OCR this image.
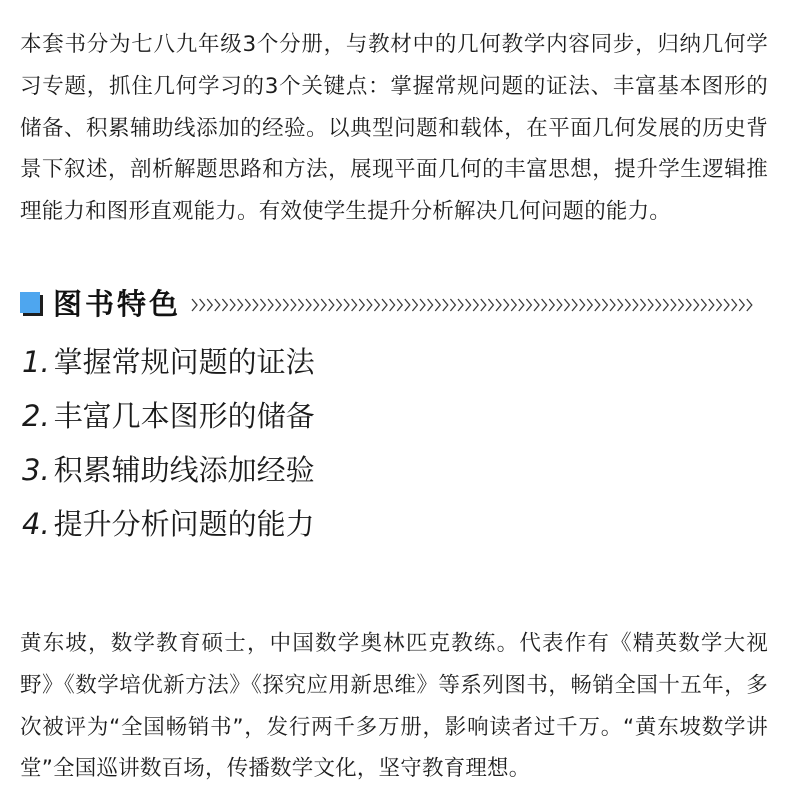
本套书分为七八九年级3个分册，与教材中的几何教学内容同步，归纳几何学习专题，抓住几何学习的3个关键点：掌握常规问题的证法、丰富基本图形的储备、积累辅助线添加的经验。以典型问题和载体，在平面几何发展的历史背景下叙述，剖析解题思路和方法，展现平面几何的丰富思想，提升学生逻辑推理能力和图形直观能力。有效使学生提升分析解决几何问题的能力。

图书特色
1. 掌握常规问题的证法
2. 丰富几本图形的储备
3. 积累辅助线添加经验
4. 提升分析问题的能力

黄东坡，数学教育硕士，中国数学奥林匹克教练。代表作有《精英数学大视野》《数学培优新方法》《探究应用新思维》等系列图书，畅销全国十五年，多次被评为“全国畅销书”，发行两千多万册，影响读者过千万。“黄东坡数学讲堂”全国巡讲数百场，传播数学文化，坚守教育理想。
